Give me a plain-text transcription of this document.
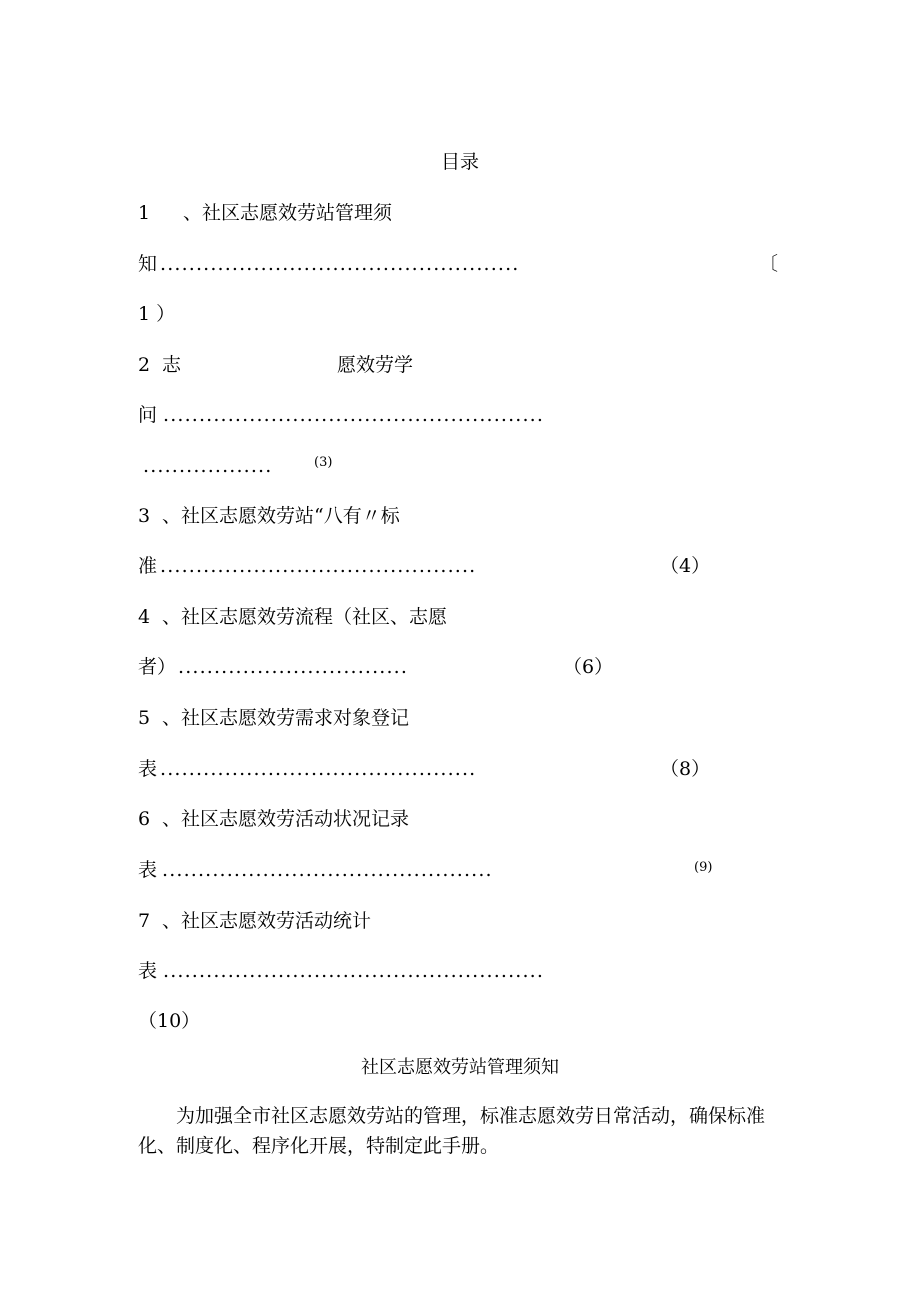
目录
1 、社区志愿效劳站管理须
知 ..................................................	〔
1 ）
2 志	愿效劳学
问 .....................................................
..................	(3)
3 、社区志愿效劳站“八有〃标
准 ............................................	（4）
4 、社区志愿效劳流程（社区、志愿
者） ................................	（6）
5 、社区志愿效劳需求对象登记
表 ............................................	（8）
6 、社区志愿效劳活动状况记录
表 ..............................................	(9)
7 、社区志愿效劳活动统计
表 .....................................................
（10）
社区志愿效劳站管理须知

为加强全市社区志愿效劳站的管理，标准志愿效劳日常活动，确保标准化、制度化、程序化开展，特制定此手册。
